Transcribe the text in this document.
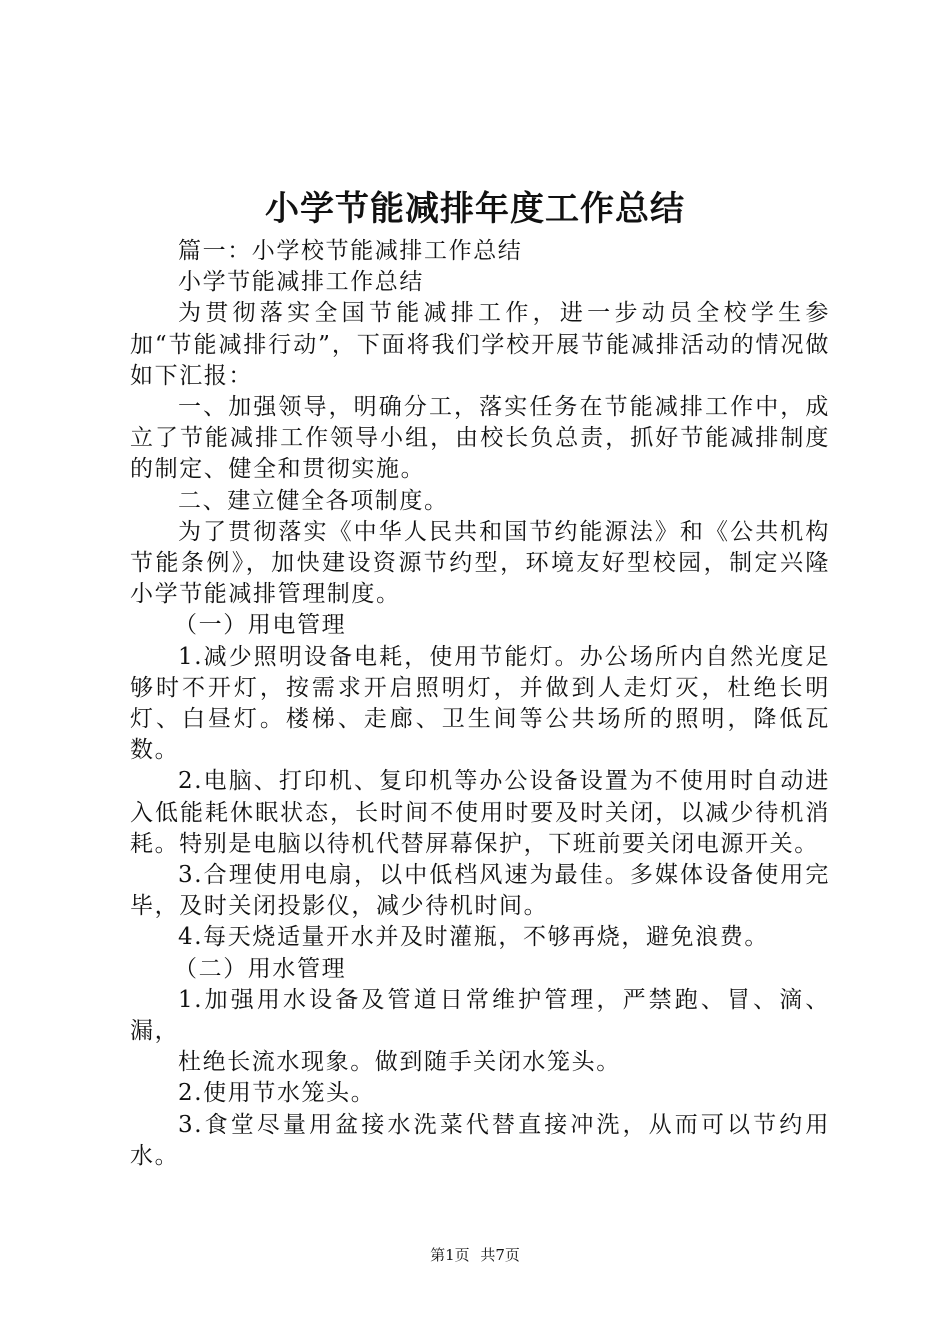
小学节能减排年度工作总结

篇一：小学校节能减排工作总结

小学节能减排工作总结

为贯彻落实全国节能减排工作，进一步动员全校学生参加“节能减排行动”，下面将我们学校开展节能减排活动的情况做如下汇报：

一、加强领导，明确分工，落实任务在节能减排工作中，成立了节能减排工作领导小组，由校长负总责，抓好节能减排制度的制定、健全和贯彻实施。

二、建立健全各项制度。

为了贯彻落实《中华人民共和国节约能源法》和《公共机构节能条例》，加快建设资源节约型，环境友好型校园，制定兴隆小学节能减排管理制度。

（一）用电管理

1.减少照明设备电耗，使用节能灯。办公场所内自然光度足够时不开灯，按需求开启照明灯，并做到人走灯灭，杜绝长明灯、白昼灯。楼梯、走廊、卫生间等公共场所的照明，降低瓦数。

2.电脑、打印机、复印机等办公设备设置为不使用时自动进入低能耗休眠状态，长时间不使用时要及时关闭，以减少待机消耗。特别是电脑以待机代替屏幕保护，下班前要关闭电源开关。

3.合理使用电扇，以中低档风速为最佳。多媒体设备使用完毕，及时关闭投影仪，减少待机时间。

4.每天烧适量开水并及时灌瓶，不够再烧，避免浪费。

（二）用水管理

1.加强用水设备及管道日常维护管理，严禁跑、冒、滴、漏，

杜绝长流水现象。做到随手关闭水笼头。

2.使用节水笼头。

3.食堂尽量用盆接水洗菜代替直接冲洗，从而可以节约用水。

第1页 共7页
